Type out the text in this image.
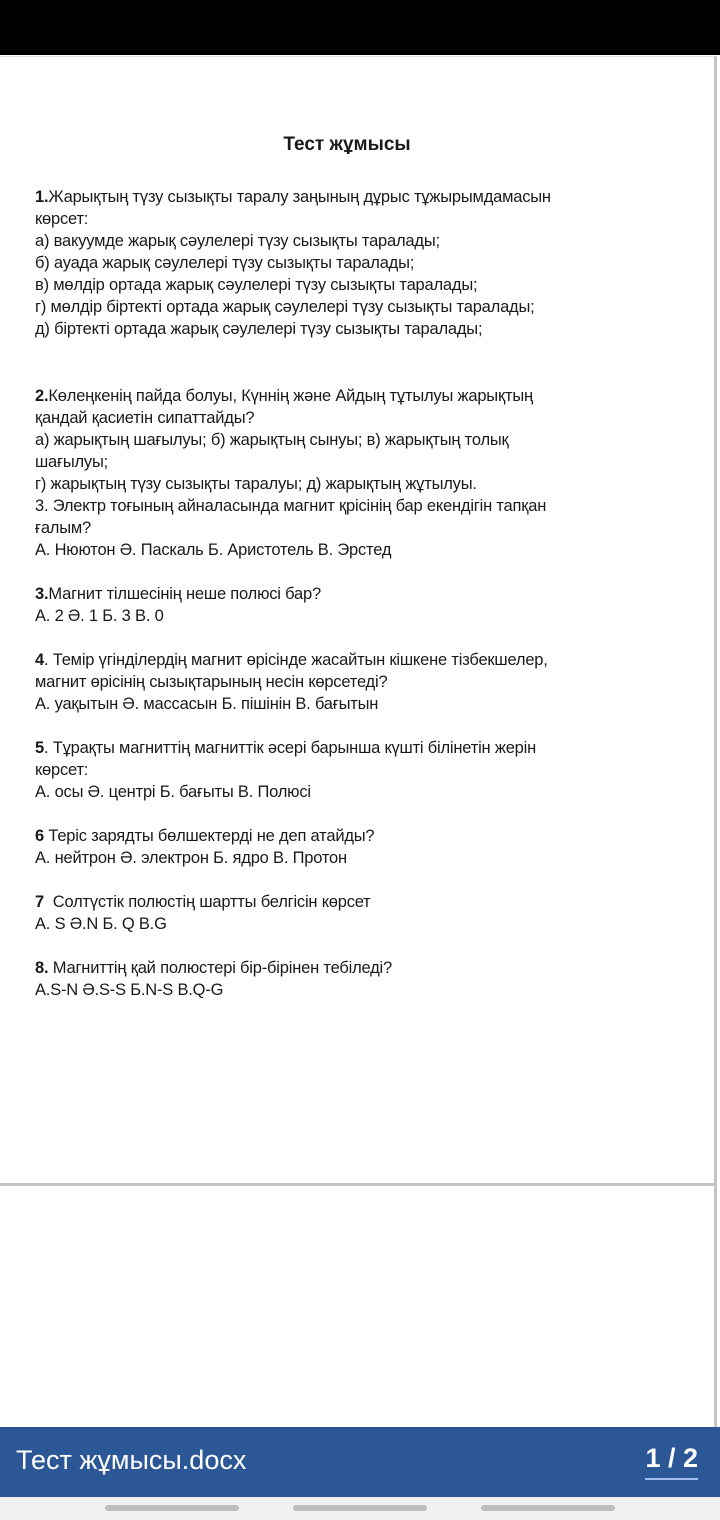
Тест жұмысы
1.Жарықтың түзу сызықты таралу заңының дұрыс тұжырымдамасын
көрсет:
а) вакуумде жарық сәулелері түзу сызықты таралады;
б) ауада жарық сәулелері түзу сызықты таралады;
в) мөлдір ортада жарық сәулелері түзу сызықты таралады;
г) мөлдір біртекті ортада жарық сәулелері түзу сызықты таралады;
д) біртекті ортада жарық сәулелері түзу сызықты таралады;
2.Көлеңкенің пайда болуы, Күннің және Айдың тұтылуы жарықтың
қандай қасиетін сипаттайды?
а) жарықтың шағылуы; б) жарықтың сынуы; в) жарықтың толық
шағылуы;
г) жарықтың түзу сызықты таралуы; д) жарықтың жұтылуы.
3. Электр тоғының айналасында магнит қрісінің бар екендігін тапқан
ғалым?
А. Нюютон Ә. Паскаль Б. Аристотель В. Эрстед
3.Магнит тілшесінің неше полюсі бар?
А. 2 Ә. 1 Б. 3 В. 0
4. Темір үгінділердің магнит өрісінде жасайтын кішкене тізбекшелер,
магнит өрісінің сызықтарының несін көрсетеді?
А. уақытын Ә. массасын Б. пішінін В. бағытын
5. Тұрақты магниттің магниттік әсері барынша күшті білінетін жерін
көрсет:
А. осы Ә. центрі Б. бағыты В. Полюсі
6 Теріс зарядты бөлшектерді не деп атайды?
А. нейтрон Ә. электрон Б. ядро В. Протон
7  Солтүстік полюстің шартты белгісін көрсет
А. S Ә.N Б. Q B.G
8. Магниттің қай полюстері бір-бірінен тебіледі?
A.S-N Ә.S-S Б.N-S B.Q-G
Тест жұмысы.docx	1 / 2
